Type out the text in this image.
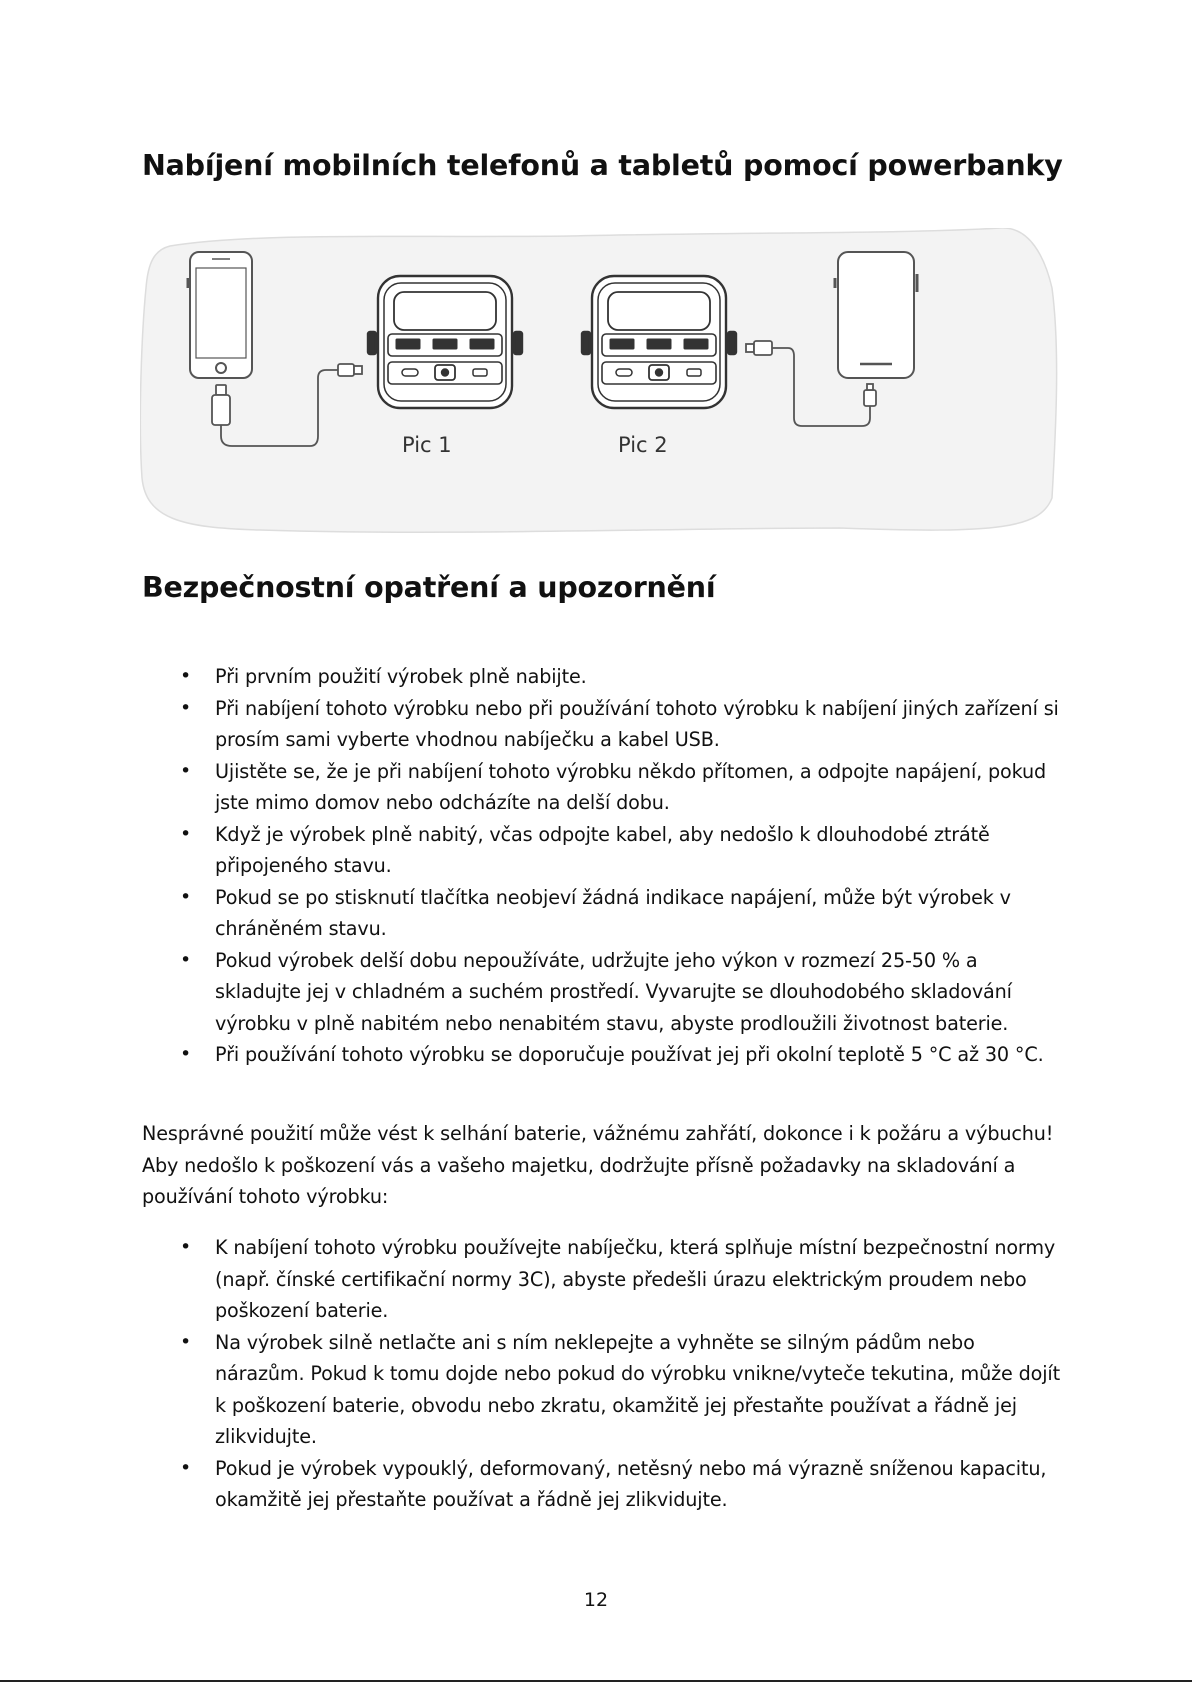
Nabíjení mobilních telefonů a tabletů pomocí powerbanky
Pic 1	Pic 2
Bezpečnostní opatření a upozornění
• Při prvním použití výrobek plně nabijte.
• Při nabíjení tohoto výrobku nebo při používání tohoto výrobku k nabíjení jiných zařízení si prosím sami vyberte vhodnou nabíječku a kabel USB.
• Ujistěte se, že je při nabíjení tohoto výrobku někdo přítomen, a odpojte napájení, pokud jste mimo domov nebo odcházíte na delší dobu.
• Když je výrobek plně nabitý, včas odpojte kabel, aby nedošlo k dlouhodobé ztrátě připojeného stavu.
• Pokud se po stisknutí tlačítka neobjeví žádná indikace napájení, může být výrobek v chráněném stavu.
• Pokud výrobek delší dobu nepoužíváte, udržujte jeho výkon v rozmezí 25-50 % a skladujte jej v chladném a suchém prostředí. Vyvarujte se dlouhodobého skladování výrobku v plně nabitém nebo nenabitém stavu, abyste prodloužili životnost baterie.
• Při používání tohoto výrobku se doporučuje používat jej při okolní teplotě 5 °C až 30 °C.

Nesprávné použití může vést k selhání baterie, vážnému zahřátí, dokonce i k požáru a výbuchu! Aby nedošlo k poškození vás a vašeho majetku, dodržujte přísně požadavky na skladování a používání tohoto výrobku:

• K nabíjení tohoto výrobku používejte nabíječku, která splňuje místní bezpečnostní normy (např. čínské certifikační normy 3C), abyste předešli úrazu elektrickým proudem nebo poškození baterie.
• Na výrobek silně netlačte ani s ním neklepejte a vyhněte se silným pádům nebo nárazům. Pokud k tomu dojde nebo pokud do výrobku vnikne/vyteče tekutina, může dojít k poškození baterie, obvodu nebo zkratu, okamžitě jej přestaňte používat a řádně jej zlikvidujte.
• Pokud je výrobek vypouklý, deformovaný, netěsný nebo má výrazně sníženou kapacitu, okamžitě jej přestaňte používat a řádně jej zlikvidujte.
12
